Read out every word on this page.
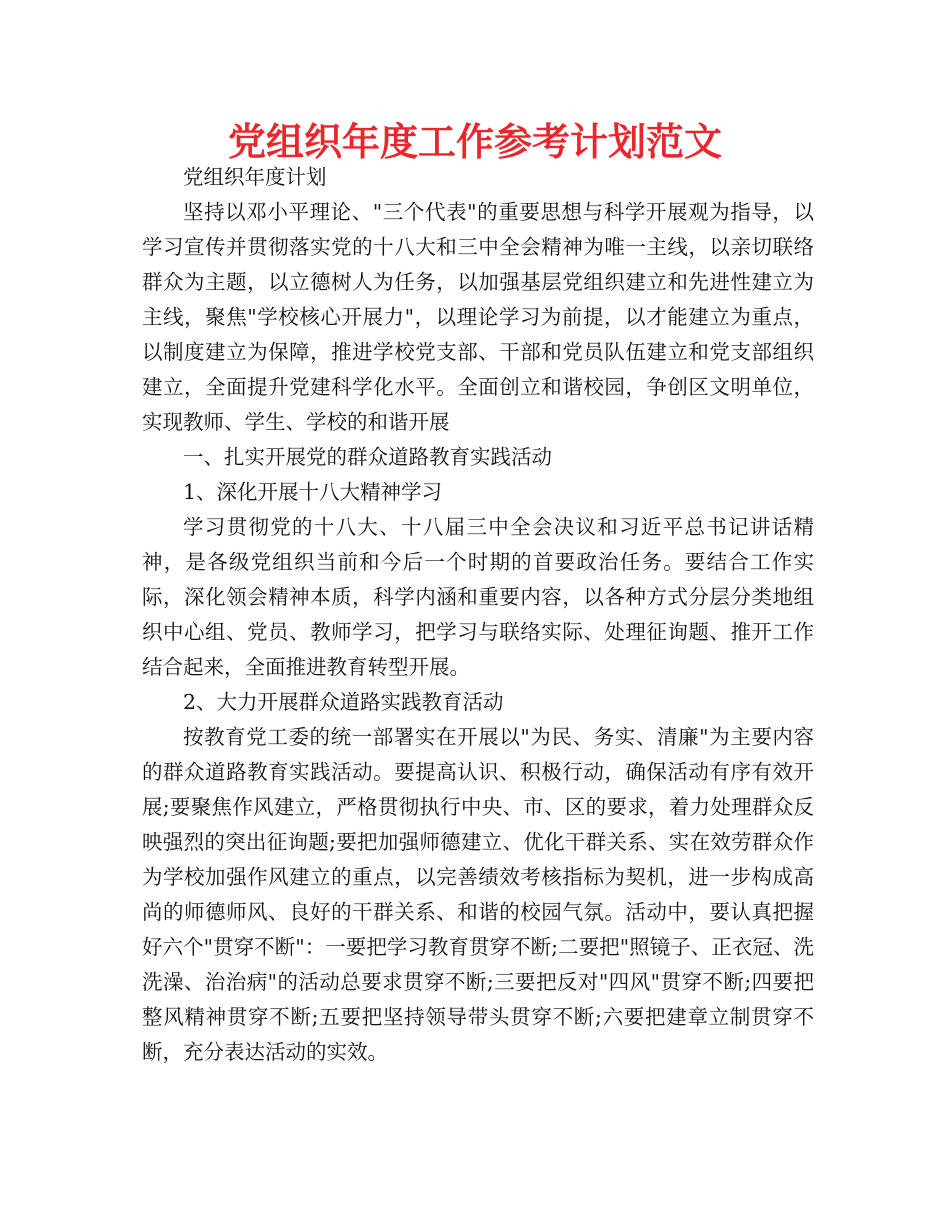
党组织年度工作参考计划范文

党组织年度计划

坚持以邓小平理论、"三个代表"的重要思想与科学开展观为指导，以学习宣传并贯彻落实党的十八大和三中全会精神为唯一主线，以亲切联络群众为主题，以立德树人为任务，以加强基层党组织建立和先进性建立为主线，聚焦"学校核心开展力"，以理论学习为前提，以才能建立为重点，以制度建立为保障，推进学校党支部、干部和党员队伍建立和党支部组织建立，全面提升党建科学化水平。全面创立和谐校园，争创区文明单位，实现教师、学生、学校的和谐开展

一、扎实开展党的群众道路教育实践活动

1、深化开展十八大精神学习

学习贯彻党的十八大、十八届三中全会决议和习近平总书记讲话精神，是各级党组织当前和今后一个时期的首要政治任务。要结合工作实际，深化领会精神本质，科学内涵和重要内容，以各种方式分层分类地组织中心组、党员、教师学习，把学习与联络实际、处理征询题、推开工作结合起来，全面推进教育转型开展。

2、大力开展群众道路实践教育活动

按教育党工委的统一部署实在开展以"为民、务实、清廉"为主要内容的群众道路教育实践活动。要提高认识、积极行动，确保活动有序有效开展;要聚焦作风建立，严格贯彻执行中央、市、区的要求，着力处理群众反映强烈的突出征询题;要把加强师德建立、优化干群关系、实在效劳群众作为学校加强作风建立的重点，以完善绩效考核指标为契机，进一步构成高尚的师德师风、良好的干群关系、和谐的校园气氛。活动中，要认真把握好六个"贯穿不断"：一要把学习教育贯穿不断;二要把"照镜子、正衣冠、洗洗澡、治治病"的活动总要求贯穿不断;三要把反对"四风"贯穿不断;四要把整风精神贯穿不断;五要把坚持领导带头贯穿不断;六要把建章立制贯穿不断，充分表达活动的实效。
